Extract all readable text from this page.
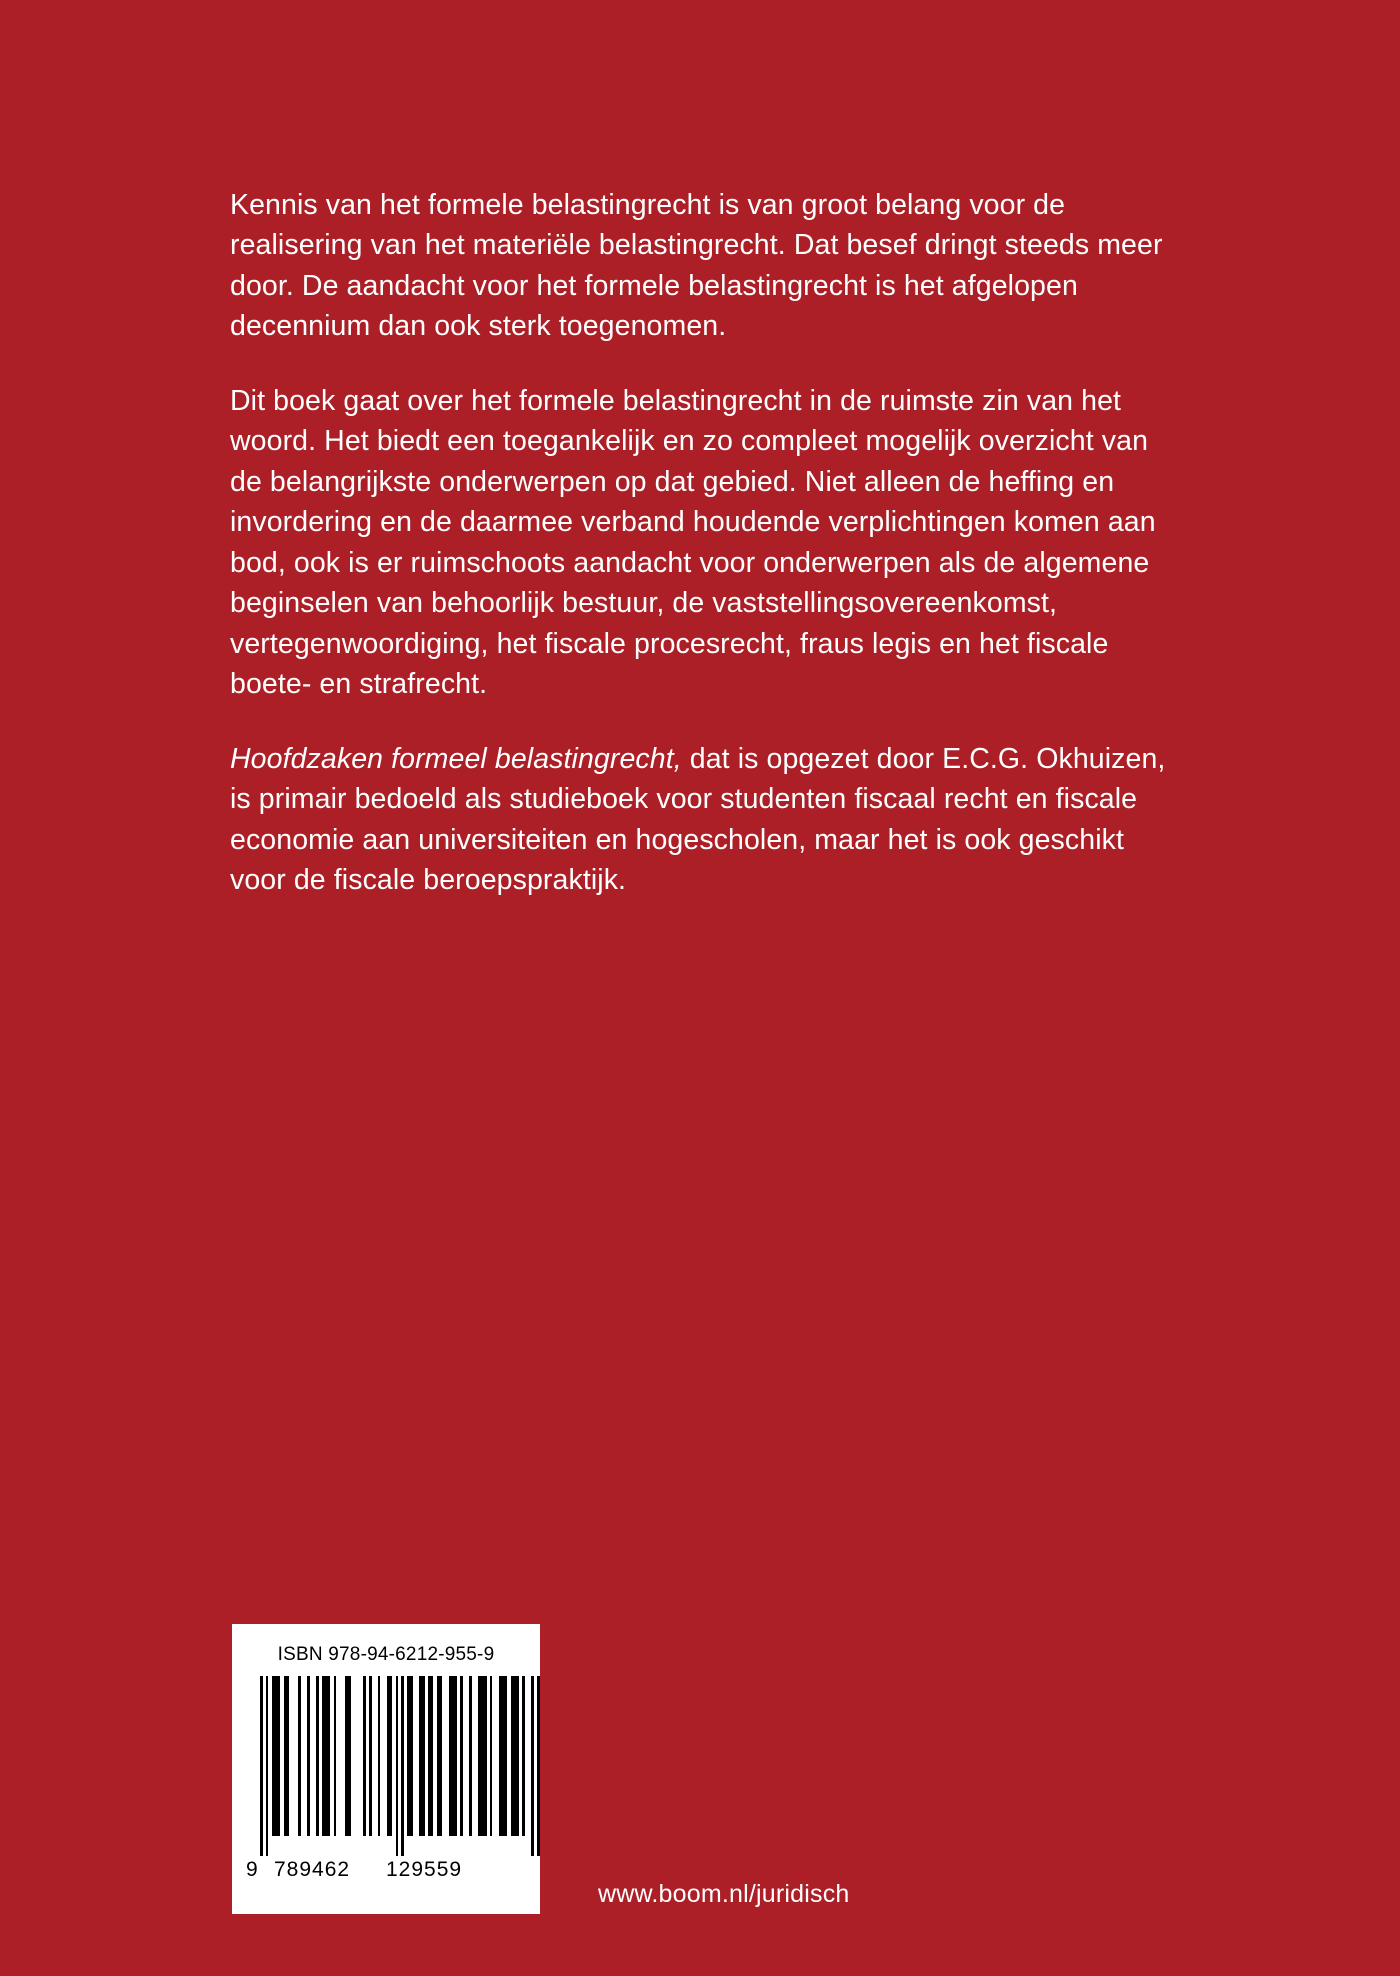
Kennis van het formele belastingrecht is van groot belang voor de realisering van het materiële belastingrecht. Dat besef dringt steeds meer door. De aandacht voor het formele belastingrecht is het afgelopen decennium dan ook sterk toegenomen.

Dit boek gaat over het formele belastingrecht in de ruimste zin van het woord. Het biedt een toegankelijk en zo compleet mogelijk overzicht van de belangrijkste onderwerpen op dat gebied. Niet alleen de heffing en invordering en de daarmee verband houdende verplichtingen komen aan bod, ook is er ruimschoots aandacht voor onderwerpen als de algemene beginselen van behoorlijk bestuur, de vaststellingsovereenkomst, vertegenwoordiging, het fiscale procesrecht, fraus legis en het fiscale boete- en strafrecht.

Hoofdzaken formeel belastingrecht, dat is opgezet door E.C.G. Okhuizen, is primair bedoeld als studieboek voor studenten fiscaal recht en fiscale economie aan universiteiten en hogescholen, maar het is ook geschikt voor de fiscale beroepspraktijk.

ISBN 978-94-6212-955-9
9 789462 129559
www.boom.nl/juridisch
